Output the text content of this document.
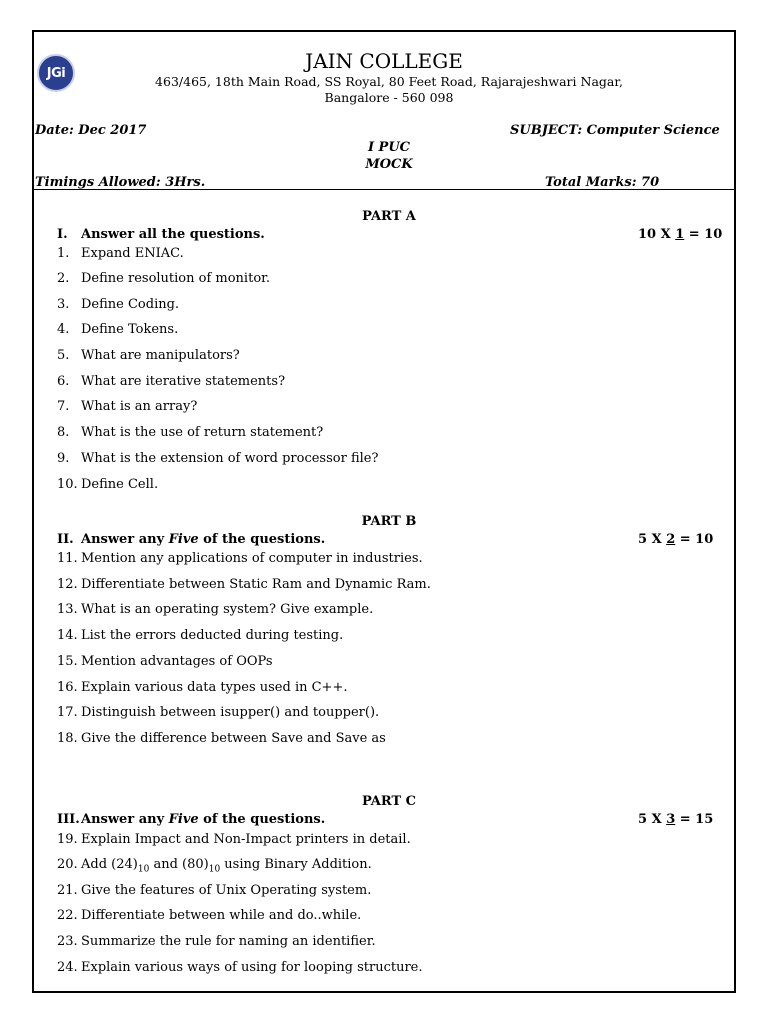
JGi	JAIN COLLEGE
463/465, 18th Main Road, SS Royal, 80 Feet Road, Rajarajeshwari Nagar,
Bangalore - 560 098
Date: Dec 2017	SUBJECT: Computer Science
I PUC
MOCK
Timings Allowed: 3Hrs.	Total Marks: 70
PART A
I. Answer all the questions.	10 X 1 = 10
1. Expand ENIAC.
2. Define resolution of monitor.
3. Define Coding.
4. Define Tokens.
5. What are manipulators?
6. What are iterative statements?
7. What is an array?
8. What is the use of return statement?
9. What is the extension of word processor file?
10. Define Cell.
PART B
II. Answer any Five of the questions.	5 X 2 = 10
11. Mention any applications of computer in industries.
12. Differentiate between Static Ram and Dynamic Ram.
13. What is an operating system? Give example.
14. List the errors deducted during testing.
15. Mention advantages of OOPs
16. Explain various data types used in C++.
17. Distinguish between isupper() and toupper().
18. Give the difference between Save and Save as
PART C
III.Answer any Five of the questions.	5 X 3 = 15
19. Explain Impact and Non-Impact printers in detail.
20. Add $(24)_{10}$ and $(80)_{10}$ using Binary Addition.
21. Give the features of Unix Operating system.
22. Differentiate between while and do..while.
23. Summarize the rule for naming an identifier.
24. Explain various ways of using for looping structure.
